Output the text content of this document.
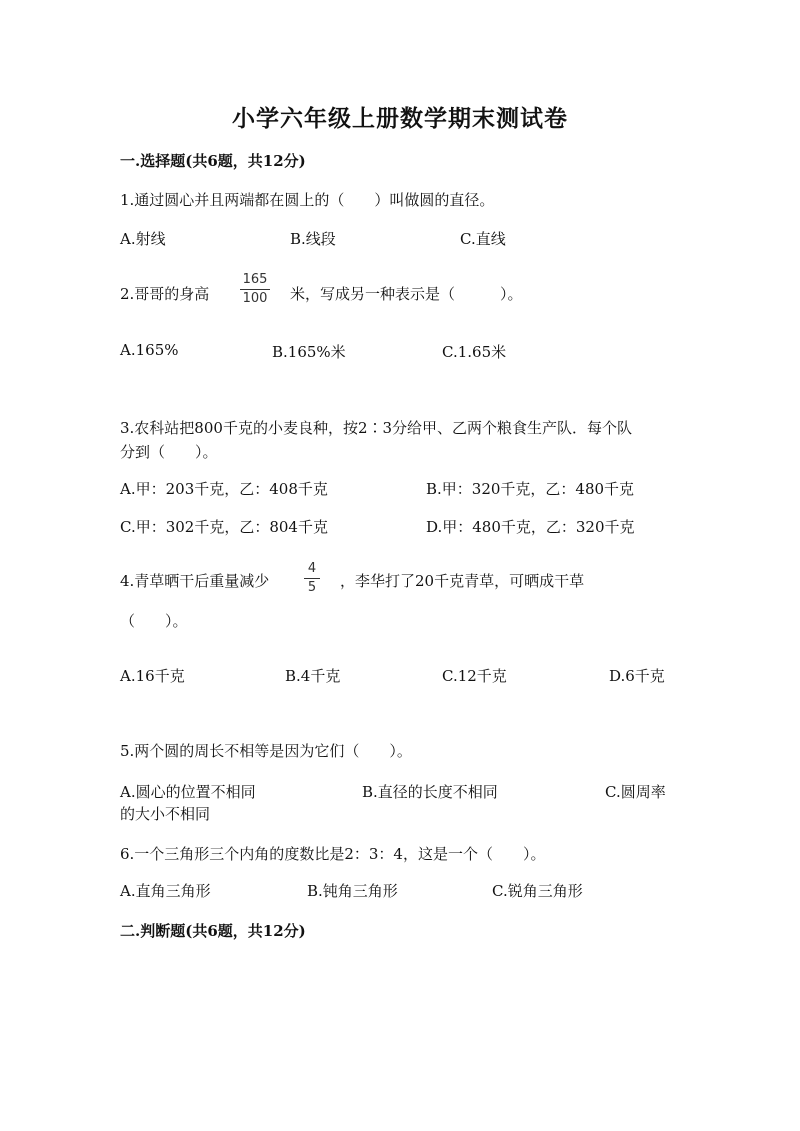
小学六年级上册数学期末测试卷
一.选择题(共6题，共12分)
1.通过圆心并且两端都在圆上的（　　）叫做圆的直径。
A.射线	B.线段	C.直线
2.哥哥的身高
165
100 米，写成另一种表示是（　　　）。
A.165%	B.165%米	C.1.65米
3.农科站把800千克的小麦良种，按2∶3分给甲、乙两个粮食生产队．每个队
分到（　　）。
A.甲：203千克，乙：408千克	B.甲：320千克，乙：480千克
C.甲：302千克，乙：804千克	D.甲：480千克，乙：320千克
4.青草晒干后重量减少
4
5 ，李华打了20千克青草，可晒成干草
（　　）。
A.16千克	B.4千克	C.12千克	D.6千克
5.两个圆的周长不相等是因为它们（　　）。
A.圆心的位置不相同	B.直径的长度不相同	C.圆周率
的大小不相同
6.一个三角形三个内角的度数比是2：3：4，这是一个（　　）。
A.直角三角形	B.钝角三角形	C.锐角三角形
二.判断题(共6题，共12分)
